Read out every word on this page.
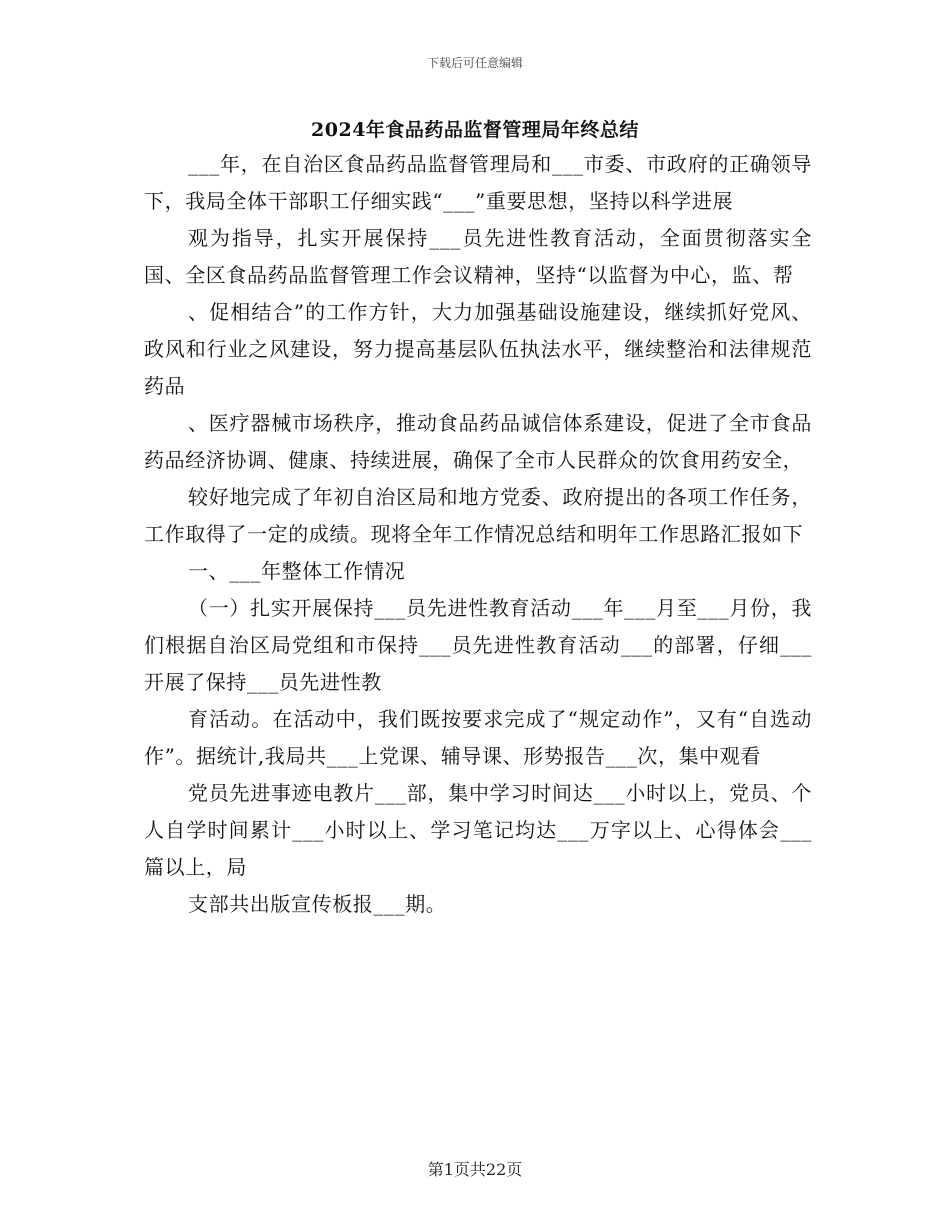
下载后可任意编辑
2024年食品药品监督管理局年终总结

___年，在自治区食品药品监督管理局和___市委、市政府的正确领导下，我局全体干部职工仔细实践“___”重要思想，坚持以科学进展

观为指导，扎实开展保持___员先进性教育活动，全面贯彻落实全国、全区食品药品监督管理工作会议精神，坚持“以监督为中心，监、帮

、促相结合”的工作方针，大力加强基础设施建设，继续抓好党风、政风和行业之风建设，努力提高基层队伍执法水平，继续整治和法律规范药品

、医疗器械市场秩序，推动食品药品诚信体系建设，促进了全市食品药品经济协调、健康、持续进展，确保了全市人民群众的饮食用药安全，

较好地完成了年初自治区局和地方党委、政府提出的各项工作任务，工作取得了一定的成绩。现将全年工作情况总结和明年工作思路汇报如下

一、___年整体工作情况

（一）扎实开展保持___员先进性教育活动___年___月至___月份，我们根据自治区局党组和市保持___员先进性教育活动___的部署，仔细___开展了保持___员先进性教

育活动。在活动中，我们既按要求完成了“规定动作”，又有“自选动作”。据统计,我局共___上党课、辅导课、形势报告___次，集中观看

党员先进事迹电教片___部，集中学习时间达___小时以上，党员、个人自学时间累计___小时以上、学习笔记均达___万字以上、心得体会___篇以上，局

支部共出版宣传板报___期。

第1页共22页
